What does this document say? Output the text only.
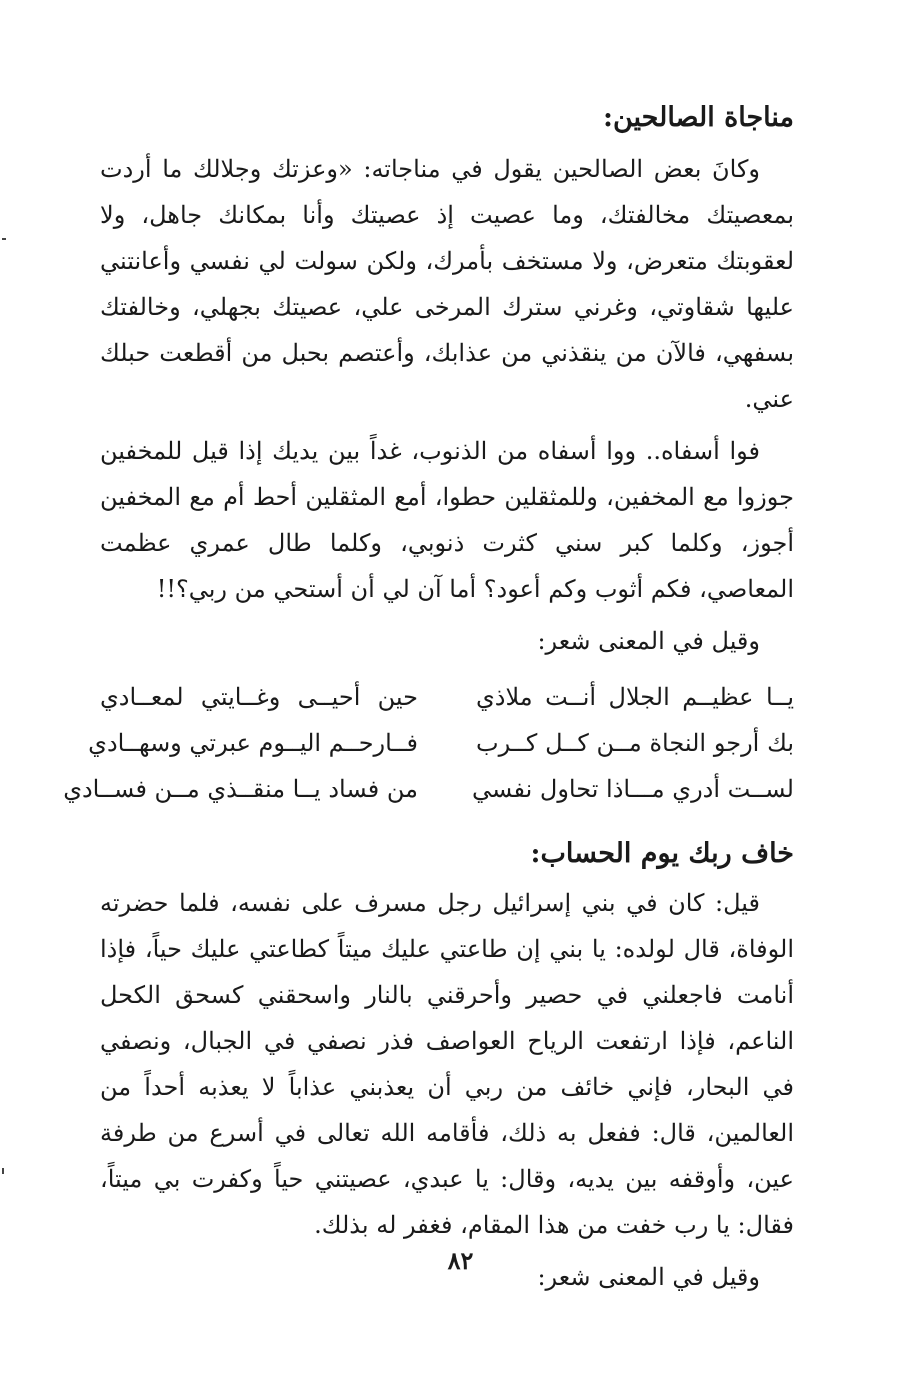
مناجاة الصالحين:

وكانَ بعض الصالحين يقول في مناجاته: «وعزتك وجلالك ما أردت بمعصيتك مخالفتك، وما عصيت إذ عصيتك وأنا بمكانك جاهل، ولا لعقوبتك متعرض، ولا مستخف بأمرك، ولكن سولت لي نفسي وأعانتني عليها شقاوتي، وغرني سترك المرخى علي، عصيتك بجهلي، وخالفتك بسفهي، فالآن من ينقذني من عذابك، وأعتصم بحبل من أقطعت حبلك عني.

فوا أسفاه.. ووا أسفاه من الذنوب، غداً بين يديك إذا قيل للمخفين جوزوا مع المخفين، وللمثقلين حطوا، أمع المثقلين أحط أم مع المخفين أجوز، وكلما كبر سني كثرت ذنوبي، وكلما طال عمري عظمت المعاصي، فكم أثوب وكم أعود؟ أما آن لي أن أستحي من ربي؟!!

وقيل في المعنى شعر:

يــا عظيــم الجلال أنــت ملاذي
حين أحيــى وغــايتي لمعــادي
بك أرجو النجاة مــن كــل كــرب
فــارحــم اليــوم عبرتي وسهــادي
لســت أدري مـــاذا تحاول نفسي
من فساد يــا منقــذي مــن فســادي
خاف ربك يوم الحساب:

قيل: كان في بني إسرائيل رجل مسرف على نفسه، فلما حضرته الوفاة، قال لولده: يا بني إن طاعتي عليك ميتاً كطاعتي عليك حياً، فإذا أنامت فاجعلني في حصير وأحرقني بالنار واسحقني كسحق الكحل الناعم، فإذا ارتفعت الرياح العواصف فذر نصفي في الجبال، ونصفي في البحار، فإني خائف من ربي أن يعذبني عذاباً لا يعذبه أحداً من العالمين، قال: ففعل به ذلك، فأقامه الله تعالى في أسرع من طرفة عين، وأوقفه بين يديه، وقال: يا عبدي، عصيتني حياً وكفرت بي ميتاً، فقال: يا رب خفت من هذا المقام، فغفر له بذلك.

وقيل في المعنى شعر:

٨٢
